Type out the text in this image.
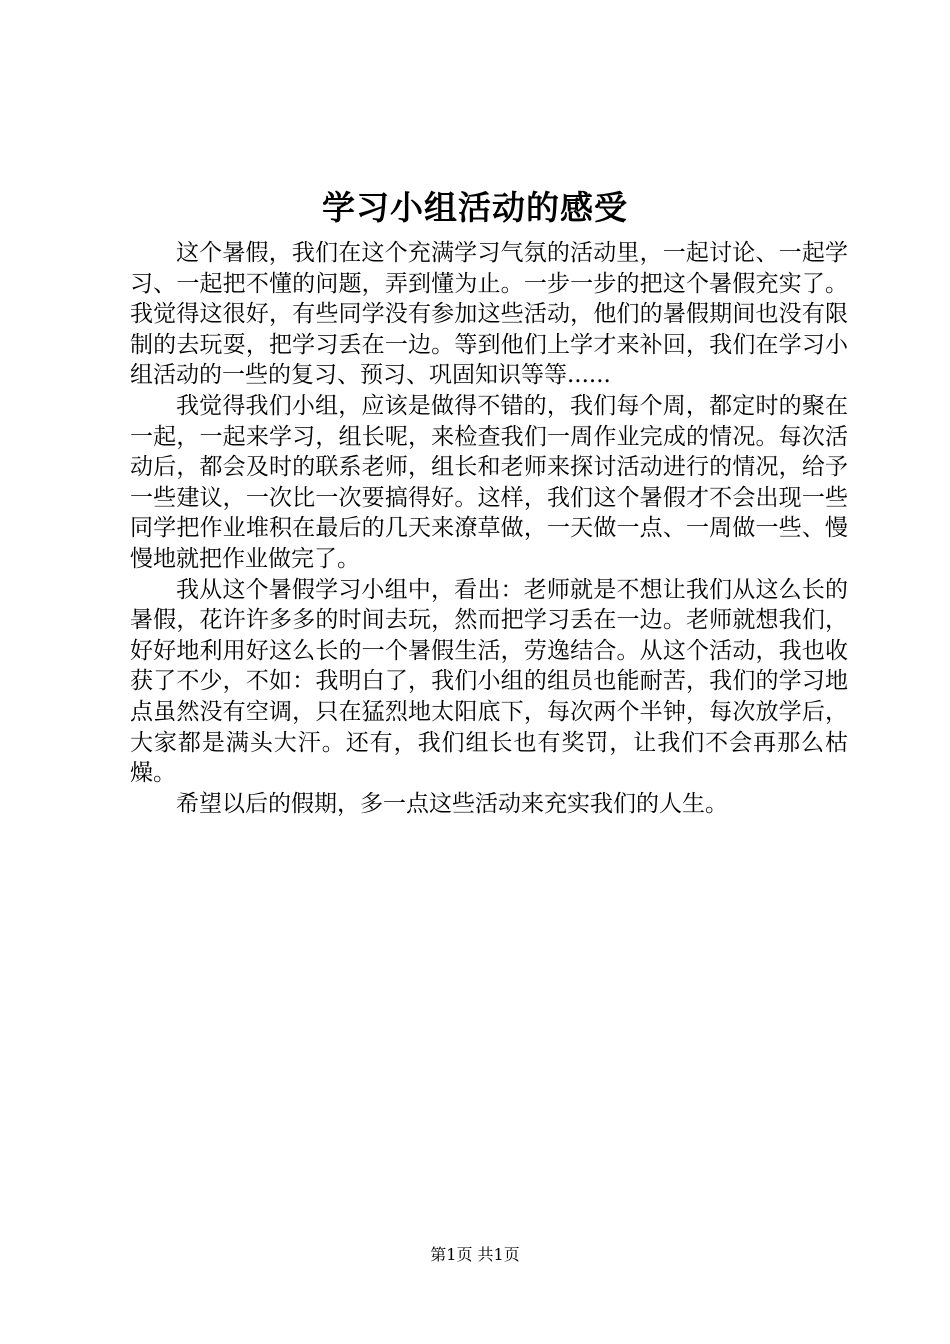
学习小组活动的感受

这个暑假，我们在这个充满学习气氛的活动里，一起讨论、一起学习、一起把不懂的问题，弄到懂为止。一步一步的把这个暑假充实了。我觉得这很好，有些同学没有参加这些活动，他们的暑假期间也没有限制的去玩耍，把学习丢在一边。等到他们上学才来补回，我们在学习小组活动的一些的复习、预习、巩固知识等等......

我觉得我们小组，应该是做得不错的，我们每个周，都定时的聚在一起，一起来学习，组长呢，来检查我们一周作业完成的情况。每次活动后，都会及时的联系老师，组长和老师来探讨活动进行的情况，给予一些建议，一次比一次要搞得好。这样，我们这个暑假才不会出现一些同学把作业堆积在最后的几天来潦草做，一天做一点、一周做一些、慢慢地就把作业做完了。

我从这个暑假学习小组中，看出：老师就是不想让我们从这么长的暑假，花许许多多的时间去玩，然而把学习丢在一边。老师就想我们，好好地利用好这么长的一个暑假生活，劳逸结合。从这个活动，我也收获了不少，不如：我明白了，我们小组的组员也能耐苦，我们的学习地点虽然没有空调，只在猛烈地太阳底下，每次两个半钟，每次放学后，大家都是满头大汗。还有，我们组长也有奖罚，让我们不会再那么枯燥。

希望以后的假期，多一点这些活动来充实我们的人生。

第1页 共1页
